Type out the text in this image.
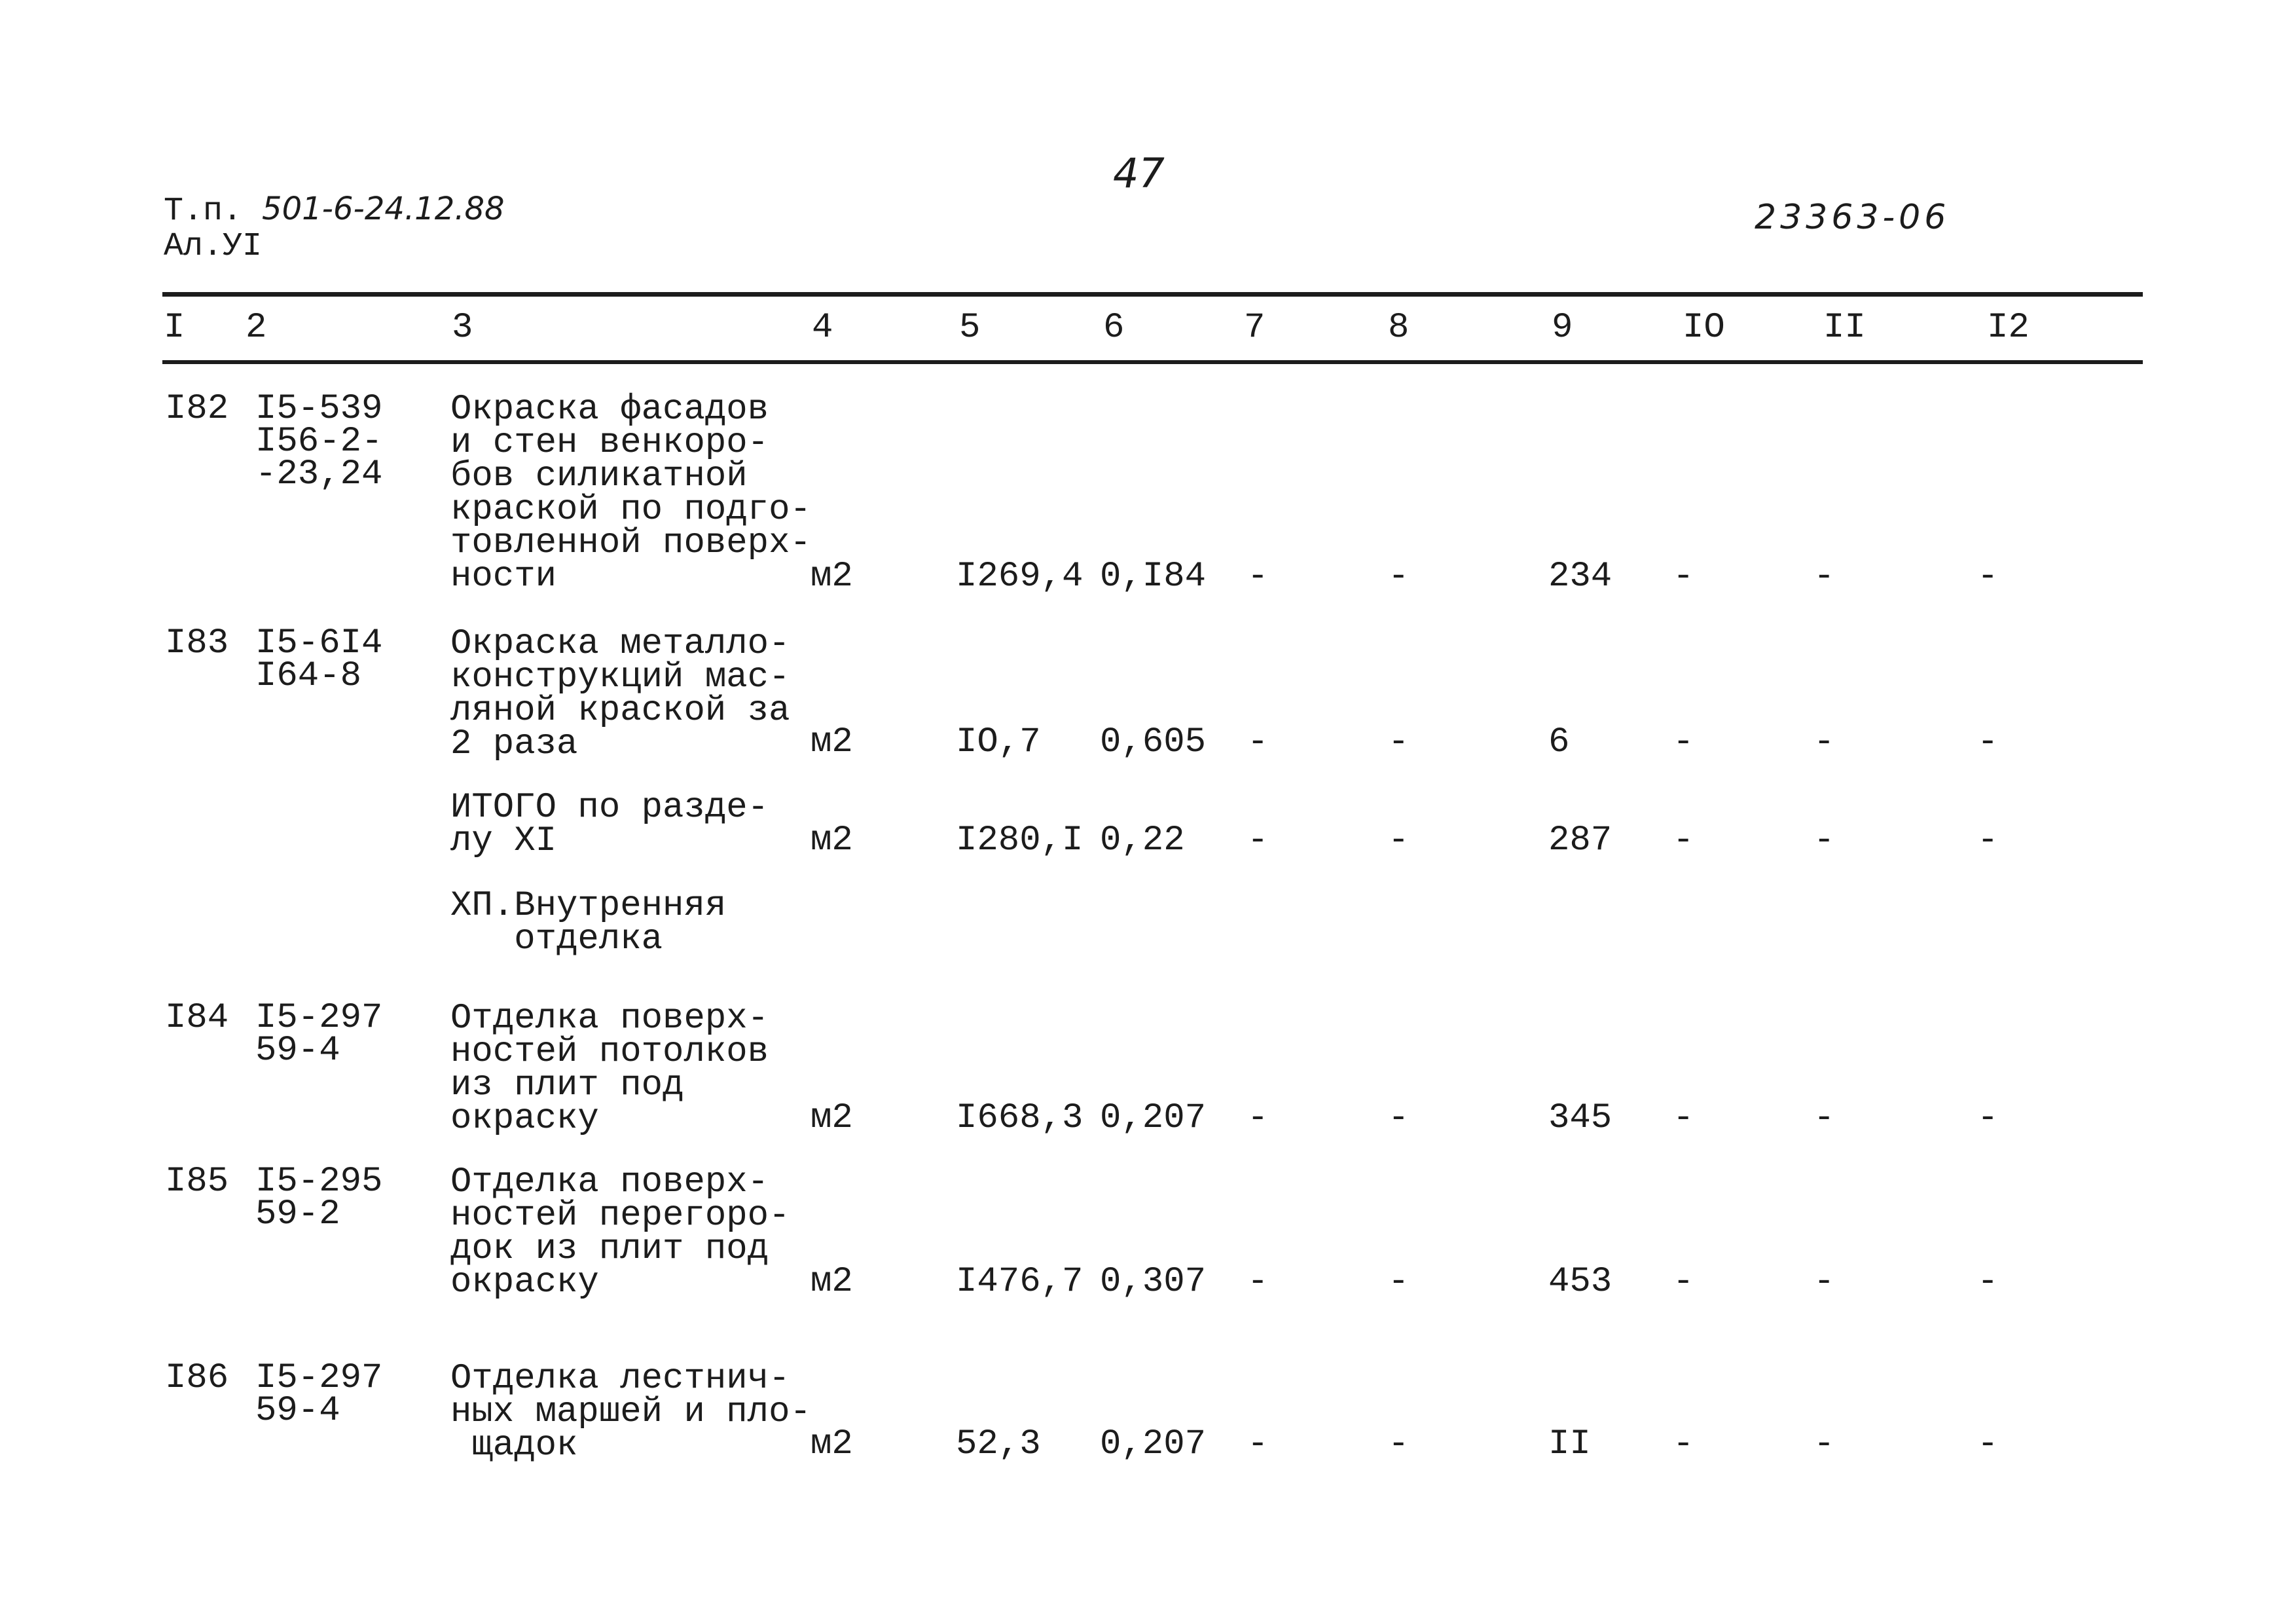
47
Т.п. 501-6-24.12.88
Ал.УI
23363-06
I 2	3	4	5	6	7	8	9	IO	II	I2
I82 I5-539
I56-2-
-23,24
Окраска фасадов
и стен венкоро-
бов силикатной
краской по подго-
товленной поверх-
ности	м2	I269,4 0,I84 -	-	234 -	-	-
I83 I5-6I4
I64-8
Окраска металло-
конструкций мас-
ляной краской за
2 раза	м2	IO,7 0,605 -	-	6	-	-	-
ИТОГО по разде-
лу XI	м2	I280,I 0,22 -	-	287 -	-	-
XП.Внутренняя
отделка
I84 I5-297
59-4
Отделка поверх-
ностей потолков
из плит под
окраску	м2	I668,3 0,207 -	-	345 -	-	-
I85 I5-295
59-2
Отделка поверх-
ностей перегоро-
док из плит под
окраску	м2	I476,7 0,307 -	-	453 -	-	-
I86 I5-297
59-4
Отделка лестнич-
ных маршей и пло-
щадок	м2	52,3 0,207 -	-	II -	-	-
